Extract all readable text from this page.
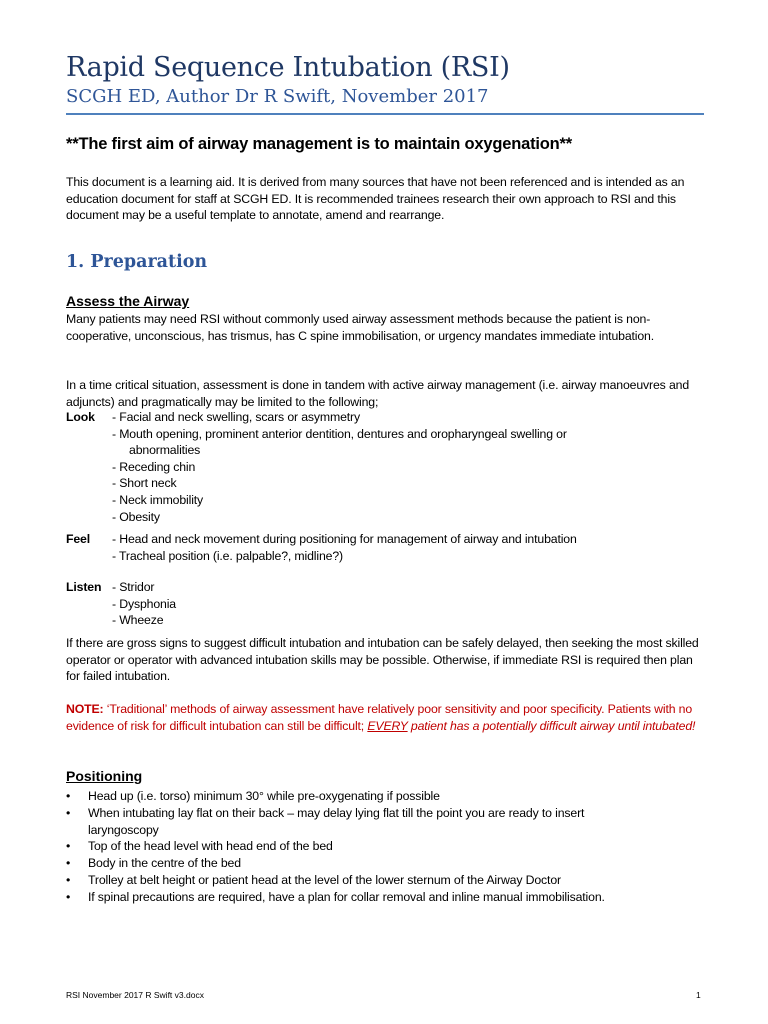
Rapid Sequence Intubation (RSI)
SCGH ED, Author Dr R Swift, November 2017
**The first aim of airway management is to maintain oxygenation**
This document is a learning aid. It is derived from many sources that have not been referenced and is intended as an education document for staff at SCGH ED. It is recommended trainees research their own approach to RSI and this document may be a useful template to annotate, amend and rearrange.
1. Preparation
Assess the Airway
Many patients may need RSI without commonly used airway assessment methods because the patient is non-cooperative, unconscious, has trismus, has C spine immobilisation, or urgency mandates immediate intubation.
In a time critical situation, assessment is done in tandem with active airway management (i.e. airway manoeuvres and adjuncts) and pragmatically may be limited to the following;
Look - Facial and neck swelling, scars or asymmetry
- Mouth opening, prominent anterior dentition, dentures and oropharyngeal swelling or
abnormalities
- Receding chin
- Short neck
- Neck immobility
- Obesity
Feel - Head and neck movement during positioning for management of airway and intubation
- Tracheal position (i.e. palpable?, midline?)
Listen - Stridor
- Dysphonia
- Wheeze
If there are gross signs to suggest difficult intubation and intubation can be safely delayed, then seeking the most skilled operator or operator with advanced intubation skills may be possible. Otherwise, if immediate RSI is required then plan for failed intubation.
NOTE: ‘Traditional’ methods of airway assessment have relatively poor sensitivity and poor specificity. Patients with no evidence of risk for difficult intubation can still be difficult; EVERY patient has a potentially difficult airway until intubated!
Positioning
• Head up (i.e. torso) minimum 30° while pre-oxygenating if possible
• When intubating lay flat on their back – may delay lying flat till the point you are ready to insert laryngoscopy
• Top of the head level with head end of the bed
• Body in the centre of the bed
• Trolley at belt height or patient head at the level of the lower sternum of the Airway Doctor
• If spinal precautions are required, have a plan for collar removal and inline manual immobilisation.
RSI November 2017 R Swift v3.docx	1
